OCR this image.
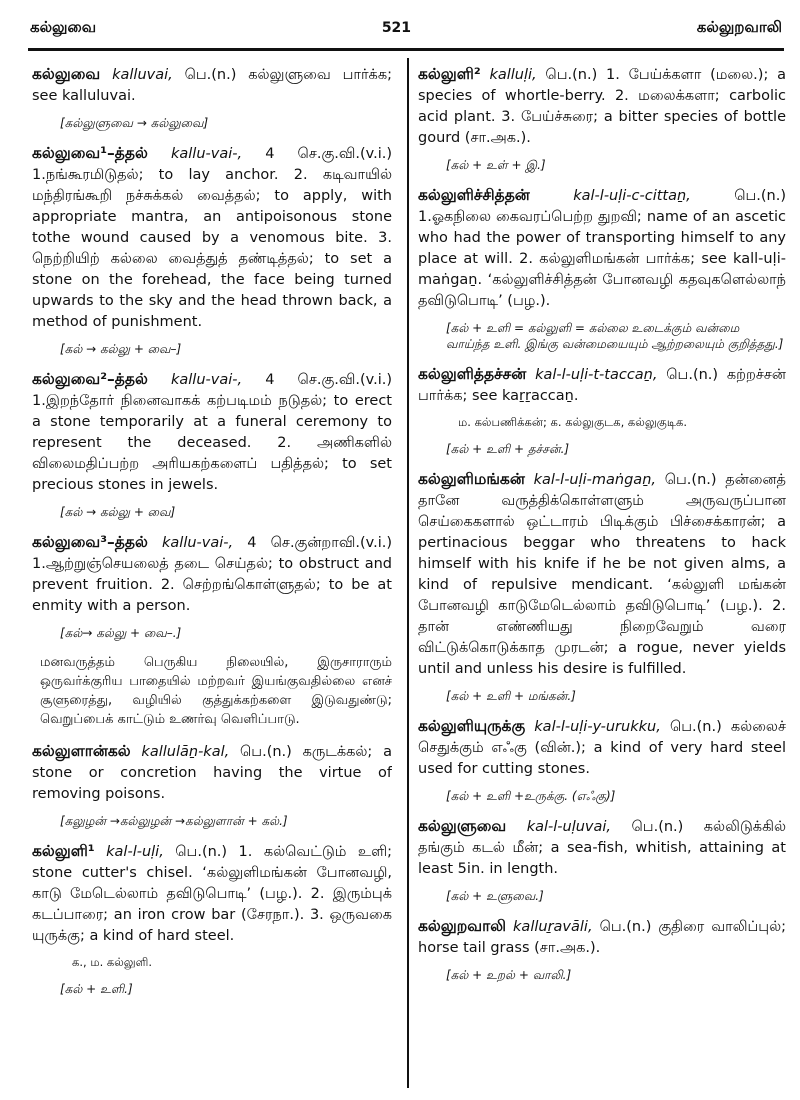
கல்லுவை	521	கல்லுறவாலி

கல்லுவை kalluvai, பெ.(n.) கல்லுளுவை பார்க்க; see kalluluvai.

[கல்லுளுவை → கல்லுவை]

கல்லுவை¹–த்தல் kallu-vai-, 4 செ.கு.வி.(v.i.) 1.நங்கூரமிடுதல்; to lay anchor. 2. கடிவாயில் மந்திரங்கூறி நச்சுக்கல் வைத்தல்; to apply, with appropriate mantra, an antipoisonous stone tothe wound caused by a venomous bite. 3. நெற்றியிற் கல்லை வைத்துத் தண்டித்தல்; to set a stone on the forehead, the face being turned upwards to the sky and the head thrown back, a method of punishment.

[கல் → கல்லு + வை–]

கல்லுவை²–த்தல் kallu-vai-, 4 செ.கு.வி.(v.i.) 1.இறந்தோர் நினைவாகக் கற்படிமம் நடுதல்; to erect a stone temporarily at a funeral ceremony to represent the deceased. 2. அணிகளில் விலைமதிப்பற்ற அரியகற்களைப் பதித்தல்; to set precious stones in jewels.

[கல் → கல்லு + வை]

கல்லுவை³–த்தல் kallu-vai-, 4 செ.குன்றாவி.(v.i.) 1.ஆற்றுஞ்செயலைத் தடை செய்தல்; to obstruct and prevent fruition. 2. செற்றங்கொள்ளுதல்; to be at enmity with a person.

[கல்→ கல்லு + வை–.]
மனவருத்தம் பெருகிய நிலையில், இருசாராரும் ஒருவர்க்குரிய பாதையில் மற்றவர் இயங்குவதில்லை எனச் சூளுரைத்து, வழியில் குத்துக்கற்களை இடுவதுண்டு; வெறுப்பைக் காட்டும் உணர்வு வெளிப்பாடு.

கல்லுளான்கல் kallulāṉ-kal, பெ.(n.) கருடக்கல்; a stone or concretion having the virtue of removing poisons.

[கலுழன் →கல்லுழன் →கல்லுளான் + கல்.]

கல்லுளி¹ kal-l-uḷi, பெ.(n.) 1. கல்வெட்டும் உளி; stone cutter's chisel. ‘கல்லுளிமங்கன் போனவழி, காடு மேடெல்லாம் தவிடுபொடி’ (பழ.). 2. இரும்புக் கடப்பாரை; an iron crow bar (சேரநா.). 3. ஒருவகை யுருக்கு; a kind of hard steel.

க., ம. கல்லுளி.
[கல் + உளி.]

கல்லுளி² kalluḷi, பெ.(n.) 1. பேய்க்களா (மலை.); a species of whortle-berry. 2. மலைக்களா; carbolic acid plant. 3. பேய்ச்சுரை; a bitter species of bottle gourd (சா.அக.).

[கல் + உள் + இ.]

கல்லுளிச்சித்தன் kal-l-uḷi-c-cittaṉ, பெ.(n.) 1.ஓகநிலை கைவரப்பெற்ற துறவி; name of an ascetic who had the power of transporting himself to any place at will. 2. கல்லுளிமங்கன் பார்க்க; see kall-uḷi-maṅgaṉ. ‘கல்லுளிச்சித்தன் போனவழி கதவுகளெல்லாந் தவிடுபொடி’ (பழ.).

[கல் + உளி = கல்லுளி = கல்லை உடைக்கும் வன்மை வாய்ந்த உளி. இங்கு வன்மையையும் ஆற்றலையும் குறித்தது.]

கல்லுளித்தச்சன் kal-l-uḷi-t-taccaṉ, பெ.(n.) கற்றச்சன் பார்க்க; see kaṟṟaccaṉ.

ம. கல்பணிக்கன்; க. கல்லுகுடக, கல்லுகுடிக.
[கல் + உளி + தச்சன்.]

கல்லுளிமங்கன் kal-l-uḷi-maṅgaṉ, பெ.(n.) தன்னைத் தானே வருத்திக்கொள்ளளும் அருவருப்பான செய்கைகளால் ஒட்டாரம் பிடிக்கும் பிச்சைக்காரன்; a pertinacious beggar who threatens to hack himself with his knife if he be not given alms, a kind of repulsive mendicant. ‘கல்லுளி மங்கன் போனவழி காடுமேடெல்லாம் தவிடுபொடி’ (பழ.). 2. தான் எண்ணியது நிறைவேறும் வரை விட்டுக்கொடுக்காத முரடன்; a rogue, never yields until and unless his desire is fulfilled.

[கல் + உளி + மங்கன்.]

கல்லுளியுருக்கு kal-l-uḷi-y-urukku, பெ.(n.) கல்லைச் செதுக்கும் எஃகு (வின்.); a kind of very hard steel used for cutting stones.

[கல் + உளி +உருக்கு. (எஃகு)]

கல்லுளுவை kal-l-uḷuvai, பெ.(n.) கல்லிடுக்கில் தங்கும் கடல் மீன்; a sea-fish, whitish, attaining at least 5in. in length.

[கல் + உளுவை.]

கல்லுறவாலி kalluṟavāli, பெ.(n.) குதிரை வாலிப்புல்; horse tail grass (சா.அக.).

[கல் + உறல் + வாலி.]
